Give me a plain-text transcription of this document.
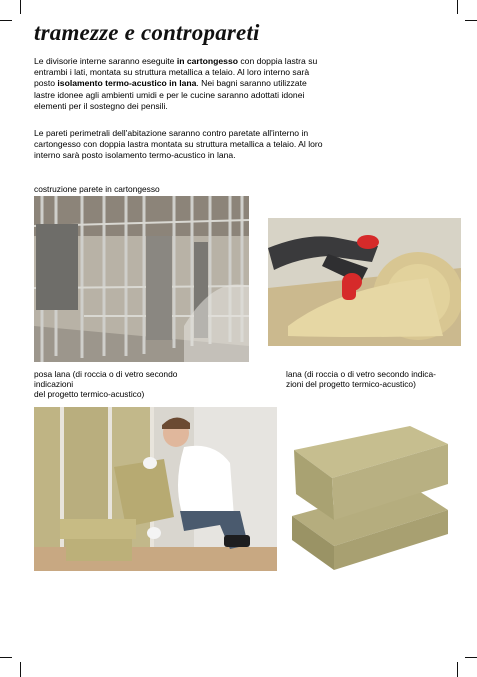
tramezze e contropareti

Le divisorie interne saranno eseguite in cartongesso con doppia lastra su entrambi i lati, montata su struttura metallica a telaio. Al loro interno sarà posto isolamento termo-acustico in lana. Nei bagni saranno utilizzate lastre idonee agli ambienti umidi e per le cucine saranno adottati idonei elementi per il sostegno dei pensili.

Le pareti perimetrali dell'abitazione saranno contro paretate all'interno in cartongesso con doppia lastra montata su struttura metallica a telaio. Al loro interno sarà posto isolamento termo-acustico in lana.

costruzione parete in cartongesso
posa lana (di roccia o di vetro secondo
indicazioni
del progetto termico-acustico)
lana (di roccia o di vetro secondo indica-
zioni del progetto termico-acustico)
